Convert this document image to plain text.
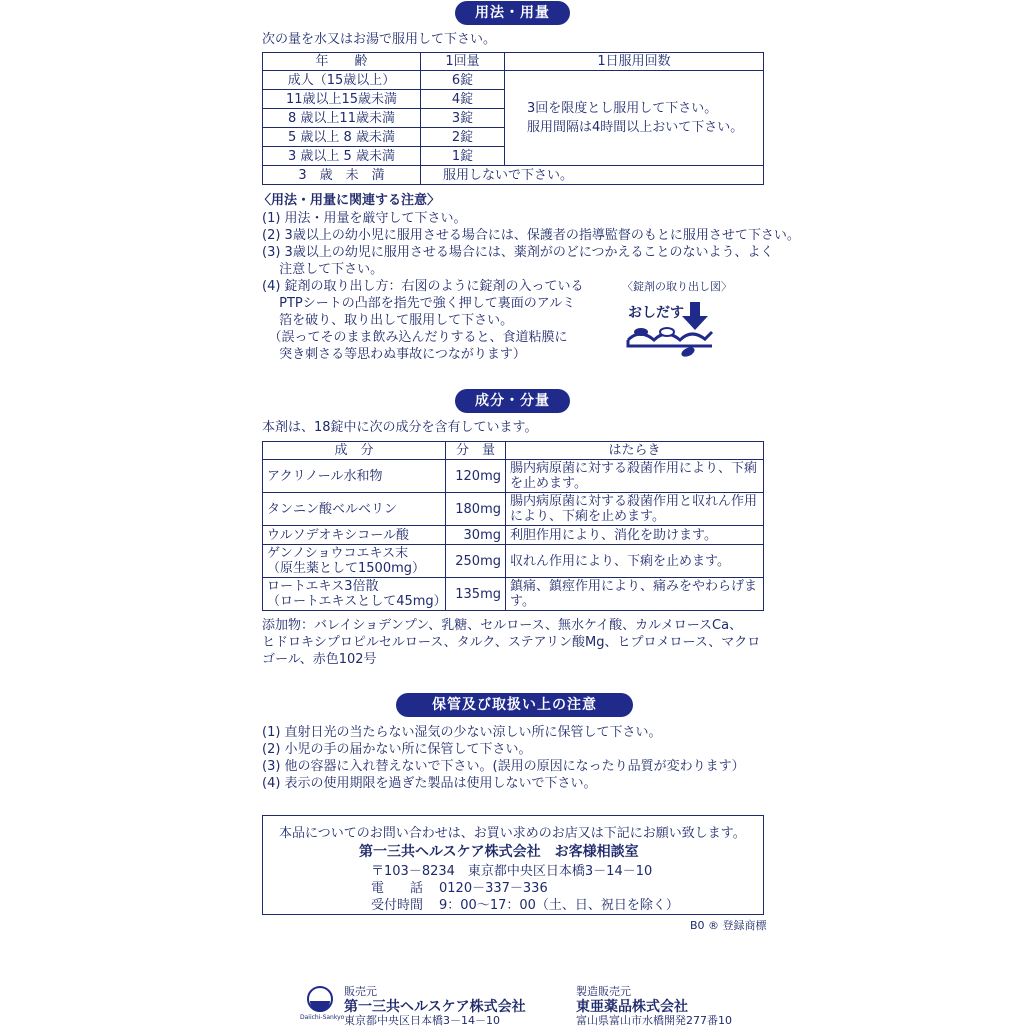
用法・用量
次の量を水又はお湯で服用して下さい。
年　　齢	1回量	1日服用回数
成人（15歳以上）	6錠	3回を限度とし服用して下さい。
服用間隔は4時間以上おいて下さい。

11歳以上15歳未満	4錠	
8 歳以上11歳未満	3錠	
5 歳以上 8 歳未満	2錠	
3 歳以上 5 歳未満	1錠	
3　歳　未　満	服用しないで下さい。	
〈用法・用量に関連する注意〉
(1) 用法・用量を厳守して下さい。
(2) 3歳以上の幼小児に服用させる場合には、保護者の指導監督のもとに服用させて下さい。
(3) 3歳以上の幼児に服用させる場合には、薬剤がのどにつかえることのないよう、よく
　 注意して下さい。
(4) 錠剤の取り出し方：右図のように錠剤の入っている
　 PTPシートの凸部を指先で強く押して裏面のアルミ
　 箔を破り、取り出して服用して下さい。
　（誤ってそのまま飲み込んだりすると、食道粘膜に
　 突き刺さる等思わぬ事故につながります）
〈錠剤の取り出し図〉
おしだす
成分・分量
本剤は、18錠中に次の成分を含有しています。
成　分	分　量	はたらき

アクリノール水和物	120mg	腸内病原菌に対する殺菌作用により、下痢
を止めます。

タンニン酸ベルベリン	180mg	腸内病原菌に対する殺菌作用と収れん作用
により、下痢を止めます。

ウルソデオキシコール酸	30mg	利胆作用により、消化を助けます。

ゲンノショウコエキス末
（原生薬として1500mg）	250mg	収れん作用により、下痢を止めます。

ロートエキス3倍散
（ロートエキスとして45mg）	135mg	鎮痛、鎮痙作用により、痛みをやわらげます。
添加物：バレイショデンプン、乳糖、セルロース、無水ケイ酸、カルメロースCa、
ヒドロキシプロピルセルロース、タルク、ステアリン酸Mg、ヒプロメロース、マクロ
ゴール、赤色102号
保管及び取扱い上の注意
(1) 直射日光の当たらない湿気の少ない涼しい所に保管して下さい。
(2) 小児の手の届かない所に保管して下さい。
(3) 他の容器に入れ替えないで下さい。(誤用の原因になったり品質が変わります）
(4) 表示の使用期限を過ぎた製品は使用しないで下さい。
本品についてのお問い合わせは、お買い求めのお店又は下記にお願い致します。
第一三共ヘルスケア株式会社　お客様相談室
〒103－8234　東京都中央区日本橋3－14－10
電　　話 0120－337－336
受付時間 9：00～17：00（土、日、祝日を除く）
B0 ® 登録商標
Daiichi-Sankyo
販売元
第一三共ヘルスケア株式会社
東京都中央区日本橋3－14－10
製造販売元
東亜薬品株式会社
富山県富山市水橋開発277番10
